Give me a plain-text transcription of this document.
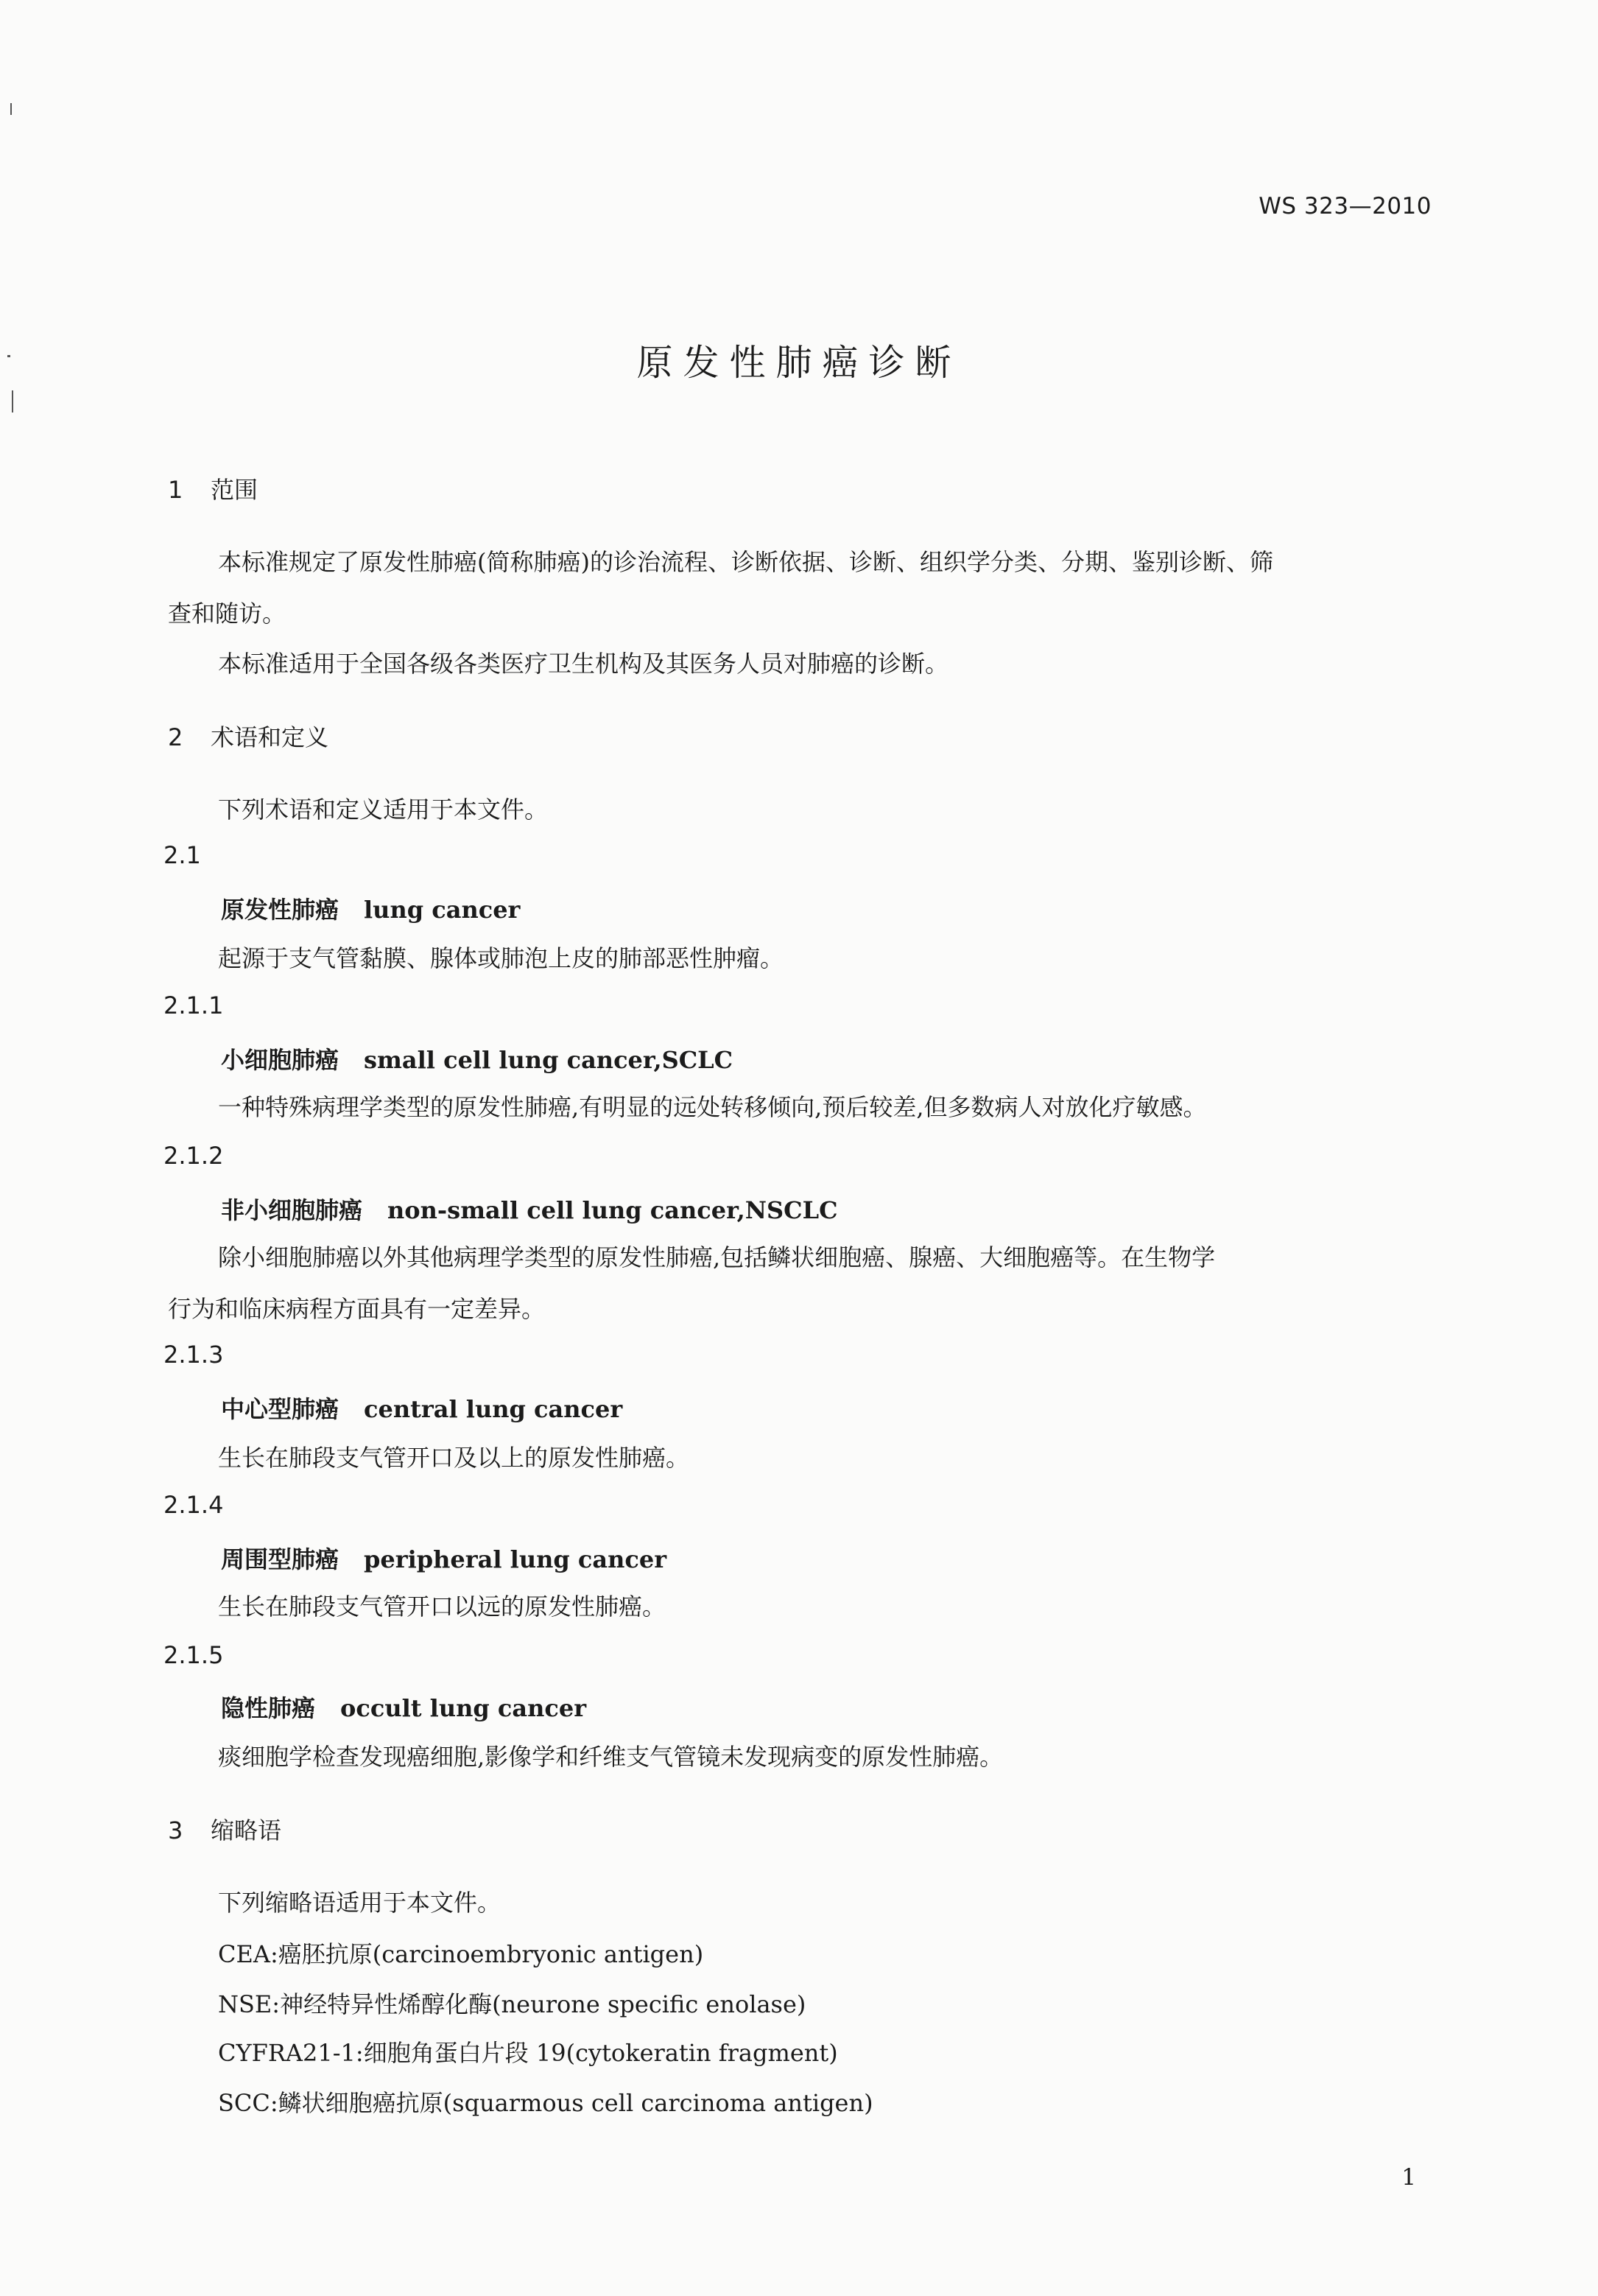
WS 323—2010
原发性肺癌诊断
1 范围
本标准规定了原发性肺癌(简称肺癌)的诊治流程、诊断依据、诊断、组织学分类、分期、鉴别诊断、筛
查和随访。
本标准适用于全国各级各类医疗卫生机构及其医务人员对肺癌的诊断。
2 术语和定义
下列术语和定义适用于本文件。
2.1
原发性肺癌 lung cancer
起源于支气管黏膜、腺体或肺泡上皮的肺部恶性肿瘤。
2.1.1
小细胞肺癌 small cell lung cancer,SCLC
一种特殊病理学类型的原发性肺癌,有明显的远处转移倾向,预后较差,但多数病人对放化疗敏感。
2.1.2
非小细胞肺癌 non-small cell lung cancer,NSCLC
除小细胞肺癌以外其他病理学类型的原发性肺癌,包括鳞状细胞癌、腺癌、大细胞癌等。在生物学
行为和临床病程方面具有一定差异。
2.1.3
中心型肺癌 central lung cancer
生长在肺段支气管开口及以上的原发性肺癌。
2.1.4
周围型肺癌 peripheral lung cancer
生长在肺段支气管开口以远的原发性肺癌。
2.1.5
隐性肺癌 occult lung cancer
痰细胞学检查发现癌细胞,影像学和纤维支气管镜未发现病变的原发性肺癌。
3 缩略语
下列缩略语适用于本文件。
CEA:癌胚抗原(carcinoembryonic antigen)
NSE:神经特异性烯醇化酶(neurone specific enolase)
CYFRA21-1:细胞角蛋白片段 19(cytokeratin fragment)
SCC:鳞状细胞癌抗原(squarmous cell carcinoma antigen)
1
